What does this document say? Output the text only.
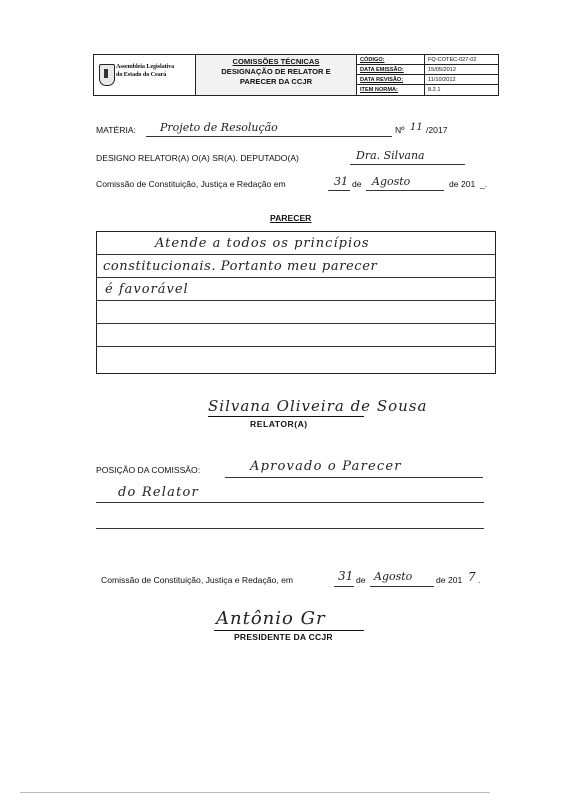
Assembleia Legislativa
do Estado do Ceará
COMISSÕES TÉCNICAS
DESIGNAÇÃO DE RELATOR E
PARECER DA CCJR
CÓDIGO:	FQ-COTEC-027-02
DATA EMISSÃO:	15/05/2012
DATA REVISÃO:	11/10/2012
ITEM NORMA:	8.2.1
MATÉRIA: Projeto de Resolução	Nº 11 /2017
DESIGNO RELATOR(A) O(A) SR(A). DEPUTADO(A)	Dra. Silvana
Comissão de Constituição, Justiça e Redação em	31 de Agosto	de 201 _.
PARECER
Atende a todos os princípios
constitucionais. Portanto meu parecer
é favorável
Silvana Oliveira de Sousa
RELATOR(A)
POSIÇÃO DA COMISSÃO:	Aprovado o Parecer
do Relator
Comissão de Constituição, Justiça e Redação, em	31 de Agosto	de 201 7 .
Antônio Gr
PRESIDENTE DA CCJR
